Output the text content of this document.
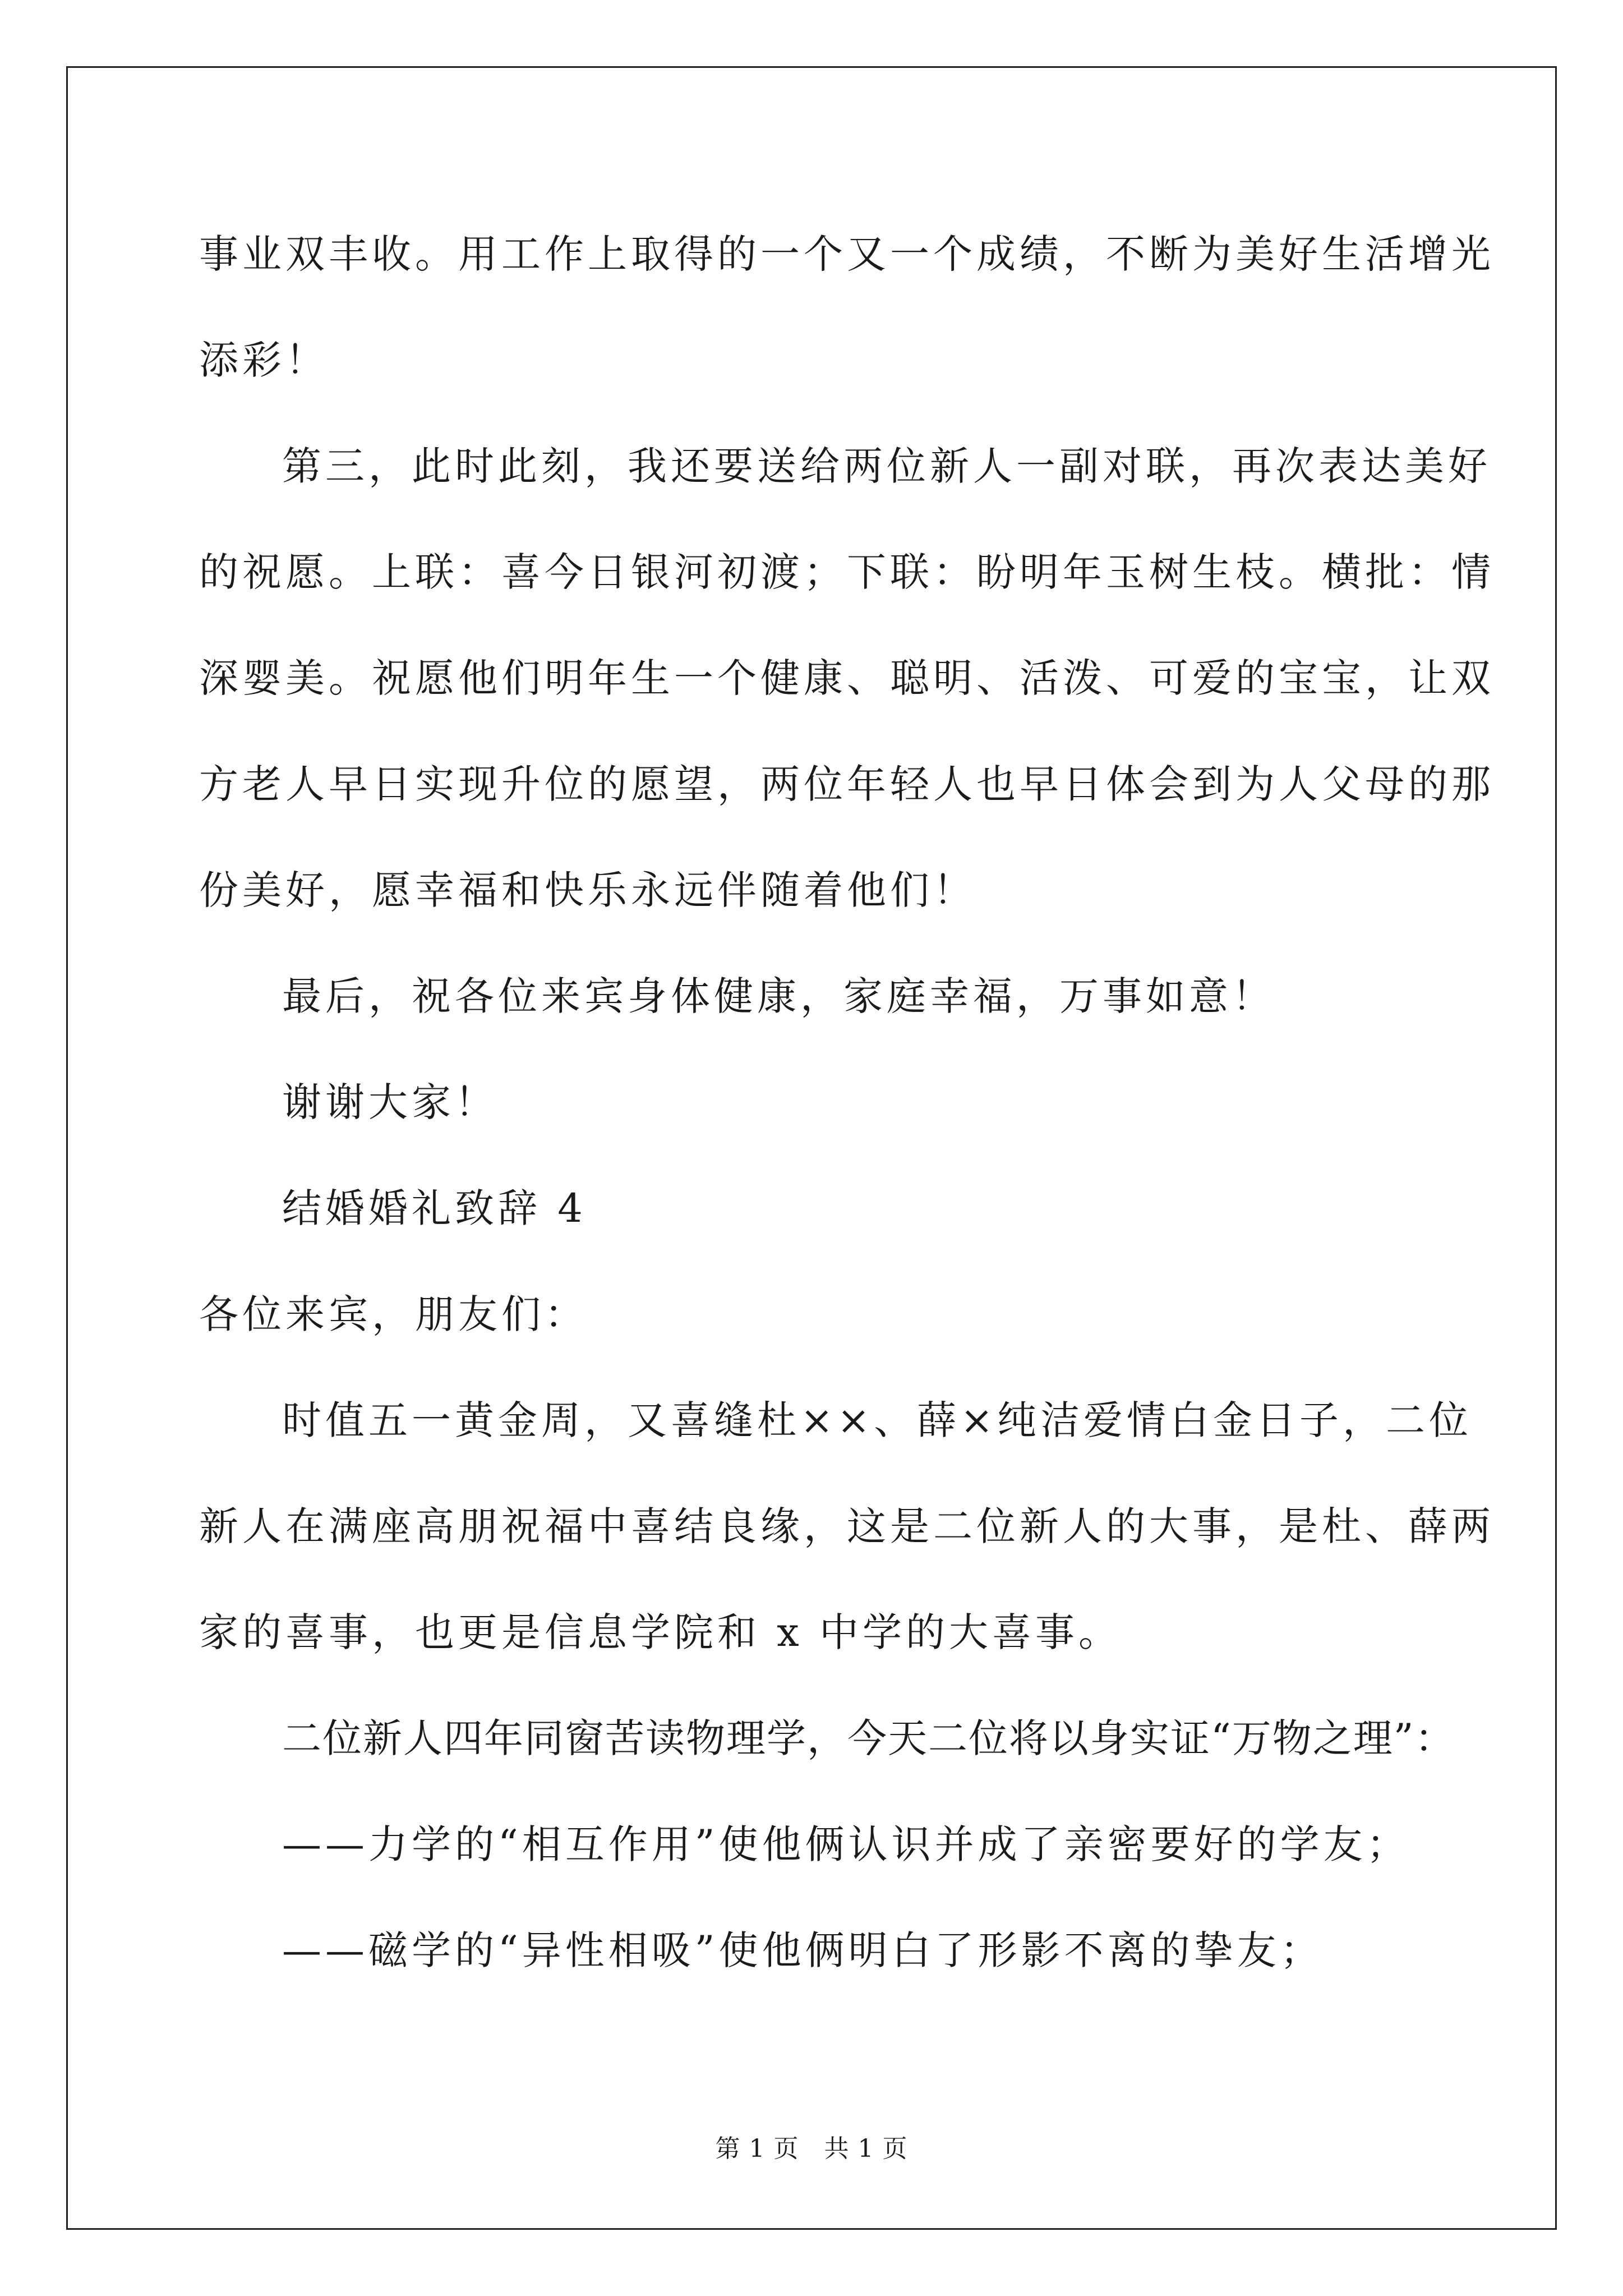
事业双丰收。用工作上取得的一个又一个成绩，不断为美好生活增光
添彩！
第三，此时此刻，我还要送给两位新人一副对联，再次表达美好
的祝愿。上联：喜今日银河初渡；下联：盼明年玉树生枝。横批：情
深婴美。祝愿他们明年生一个健康、聪明、活泼、可爱的宝宝，让双
方老人早日实现升位的愿望，两位年轻人也早日体会到为人父母的那
份美好，愿幸福和快乐永远伴随着他们！
最后，祝各位来宾身体健康，家庭幸福，万事如意！
谢谢大家！
结婚婚礼致辞 4
各位来宾，朋友们：
时值五一黄金周，又喜缝杜××、薛×纯洁爱情白金日子，二位
新人在满座高朋祝福中喜结良缘，这是二位新人的大事，是杜、薛两
家的喜事，也更是信息学院和 x 中学的大喜事。
二位新人四年同窗苦读物理学，今天二位将以身实证“万物之理”：
——力学的“相互作用”使他俩认识并成了亲密要好的学友；
——磁学的“异性相吸”使他俩明白了形影不离的挚友；
第 1 页　共 1 页
